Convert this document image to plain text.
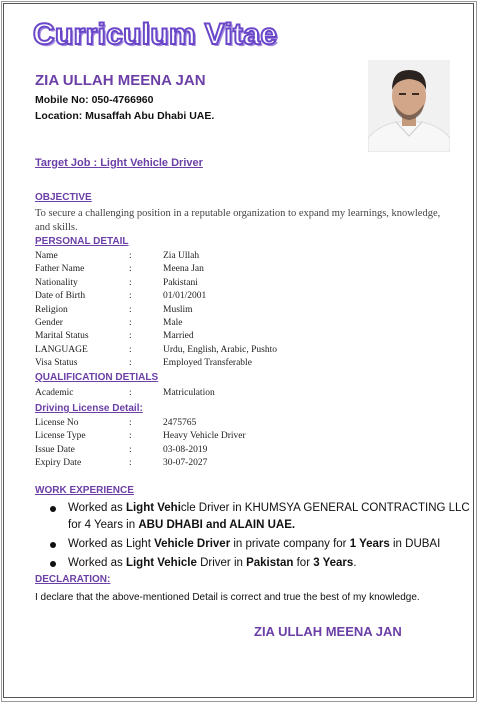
Curriculum Vitae
ZIA ULLAH MEENA JAN
Mobile No: 050-4766960
Location: Musaffah Abu Dhabi UAE.
Target Job : Light Vehicle Driver
OBJECTIVE
To secure a challenging position in a reputable organization to expand my learnings, knowledge, and skills.
PERSONAL DETAIL
Name	:	Zia Ullah
Father Name	:	Meena Jan
Nationality	:	Pakistani
Date of Birth	:	01/01/2001
Religion	:	Muslim
Gender	:	Male
Marital Status	:	Married
LANGUAGE	:	Urdu, English, Arabic, Pushto
Visa Status	:	Employed Transferable
QUALIFICATION DETIALS
Academic	:	Matriculation
Driving License Detail:
License No	:	2475765
License Type	:	Heavy Vehicle Driver
Issue Date	:	03-08-2019
Expiry Date	:	30-07-2027
WORK EXPERIENCE
Worked as Light Vehicle Driver in KHUMSYA GENERAL CONTRACTING LLC for 4 Years in ABU DHABI and ALAIN UAE.
Worked as Light Vehicle Driver in private company for 1 Years in DUBAI
Worked as Light Vehicle Driver in Pakistan for 3 Years.
DECLARATION:
I declare that the above-mentioned Detail is correct and true the best of my knowledge.
ZIA ULLAH MEENA JAN
